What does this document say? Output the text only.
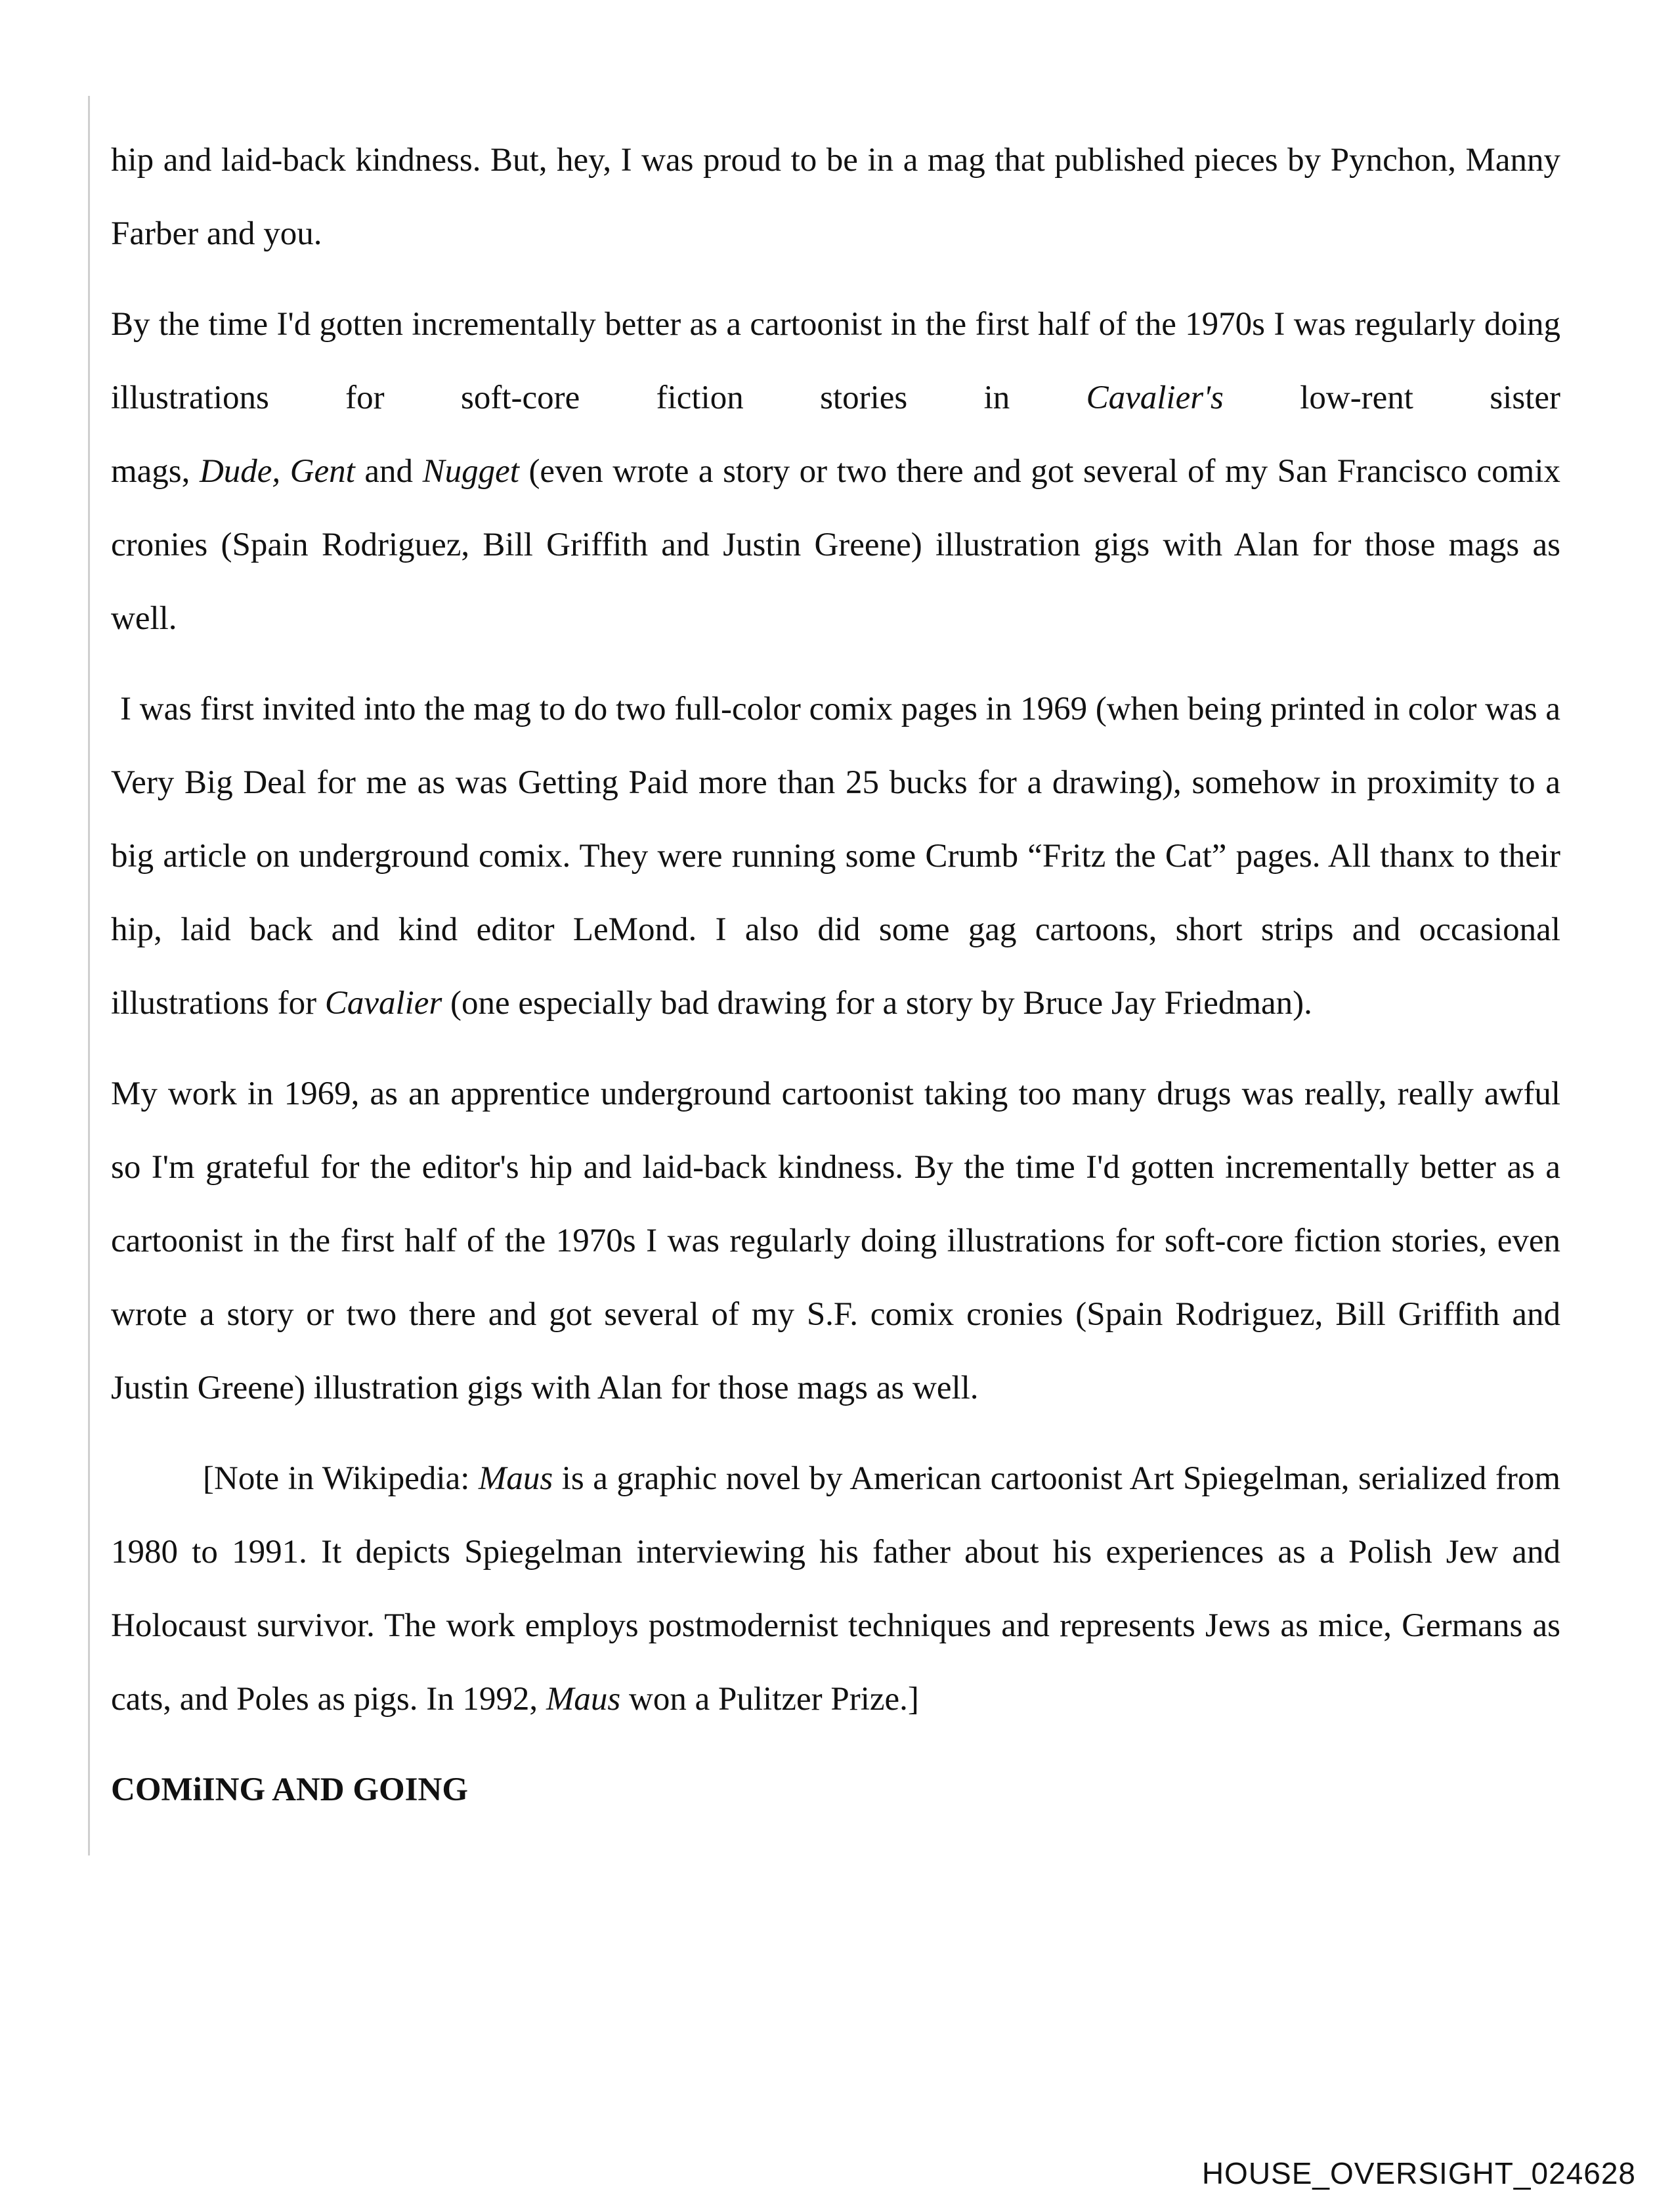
hip and laid-back kindness. But, hey, I was proud to be in a mag that published pieces by Pynchon, Manny Farber and you.

By the time I'd gotten incrementally better as a cartoonist in the first half of the 1970s I was regularly doing illustrations for soft-core fiction stories in Cavalier's low-rent sister

mags, Dude, Gent and Nugget (even wrote a story or two there and got several of my San Francisco comix cronies (Spain Rodriguez, Bill Griffith and Justin Greene) illustration gigs with Alan for those mags as well.

I was first invited into the mag to do two full-color comix pages in 1969 (when being printed in color was a Very Big Deal for me as was Getting Paid more than 25 bucks for a drawing), somehow in proximity to a big article on underground comix. They were running some Crumb “Fritz the Cat” pages. All thanx to their hip, laid back and kind editor LeMond. I also did some gag cartoons, short strips and occasional illustrations for Cavalier (one especially bad drawing for a story by Bruce Jay Friedman).

My work in 1969, as an apprentice underground cartoonist taking too many drugs was really, really awful so I'm grateful for the editor's hip and laid-back kindness. By the time I'd gotten incrementally better as a cartoonist in the first half of the 1970s I was regularly doing illustrations for soft-core fiction stories, even wrote a story or two there and got several of my S.F. comix cronies (Spain Rodriguez, Bill Griffith and Justin Greene) illustration gigs with Alan for those mags as well.

[Note in Wikipedia: Maus is a graphic novel by American cartoonist Art Spiegelman, serialized from 1980 to 1991. It depicts Spiegelman interviewing his father about his experiences as a Polish Jew and Holocaust survivor. The work employs postmodernist techniques and represents Jews as mice, Germans as cats, and Poles as pigs. In 1992, Maus won a Pulitzer Prize.]

COMiING AND GOING
HOUSE_OVERSIGHT_024628
